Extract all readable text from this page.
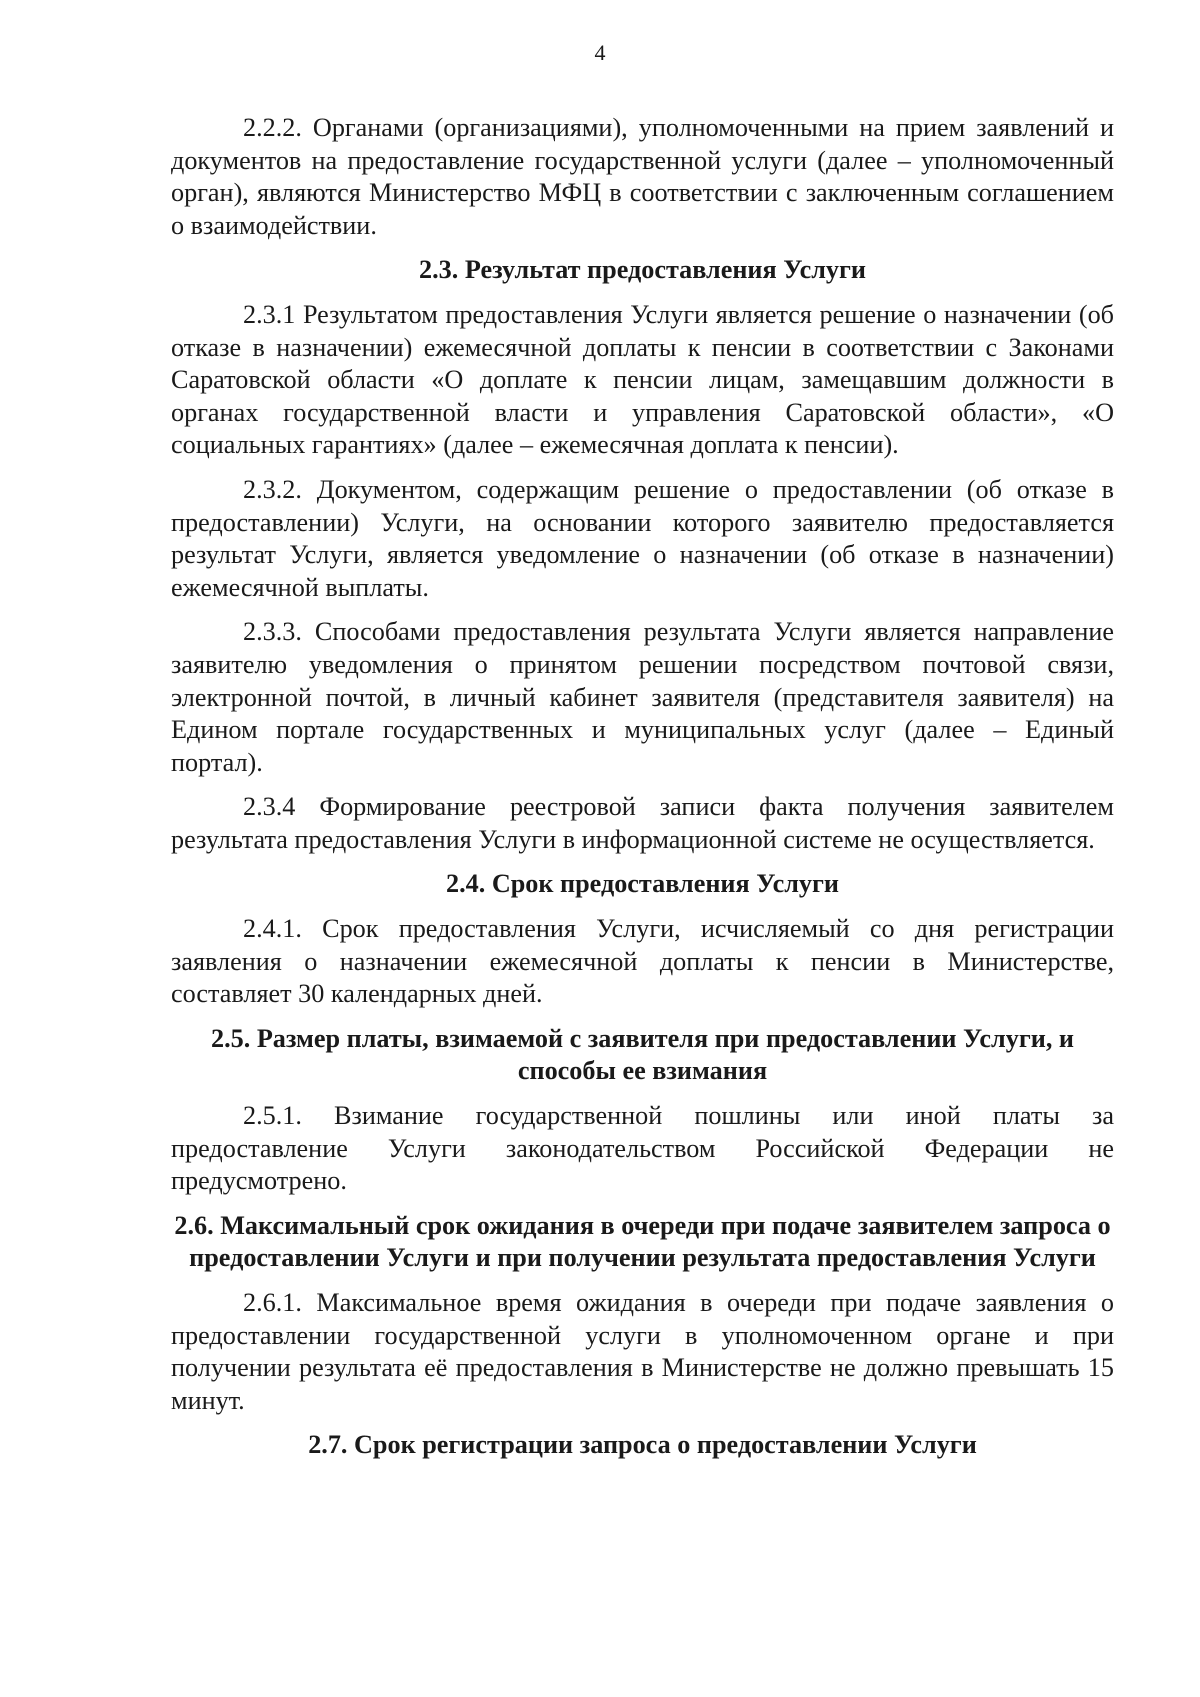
4

2.2.2. Органами (организациями), уполномоченными на прием заявлений и документов на предоставление государственной услуги (далее – уполномоченный орган), являются Министерство МФЦ в соответствии с заключенным соглашением о взаимодействии.

2.3. Результат предоставления Услуги

2.3.1 Результатом предоставления Услуги является решение о назначении (об отказе в назначении) ежемесячной доплаты к пенсии в соответствии с Законами Саратовской области «О доплате к пенсии лицам, замещавшим должности в органах государственной власти и управления Саратовской области», «О социальных гарантиях» (далее – ежемесячная доплата к пенсии).

2.3.2. Документом, содержащим решение о предоставлении (об отказе в предоставлении) Услуги, на основании которого заявителю предоставляется результат Услуги, является уведомление о назначении (об отказе в назначении) ежемесячной выплаты.

2.3.3. Способами предоставления результата Услуги является направление заявителю уведомления о принятом решении посредством почтовой связи, электронной почтой, в личный кабинет заявителя (представителя заявителя) на Едином портале государственных и муниципальных услуг (далее – Единый портал).

2.3.4 Формирование реестровой записи факта получения заявителем результата предоставления Услуги в информационной системе не осуществляется.

2.4. Срок предоставления Услуги

2.4.1. Срок предоставления Услуги, исчисляемый со дня регистрации заявления о назначении ежемесячной доплаты к пенсии в Министерстве, составляет 30 календарных дней.

2.5. Размер платы, взимаемой с заявителя при предоставлении Услуги, и способы ее взимания

2.5.1. Взимание государственной пошлины или иной платы за предоставление Услуги законодательством Российской Федерации не предусмотрено.

2.6. Максимальный срок ожидания в очереди при подаче заявителем запроса о предоставлении Услуги и при получении результата предоставления Услуги

2.6.1. Максимальное время ожидания в очереди при подаче заявления о предоставлении государственной услуги в уполномоченном органе и при получении результата её предоставления в Министерстве не должно превышать 15 минут.

2.7. Срок регистрации запроса о предоставлении Услуги
